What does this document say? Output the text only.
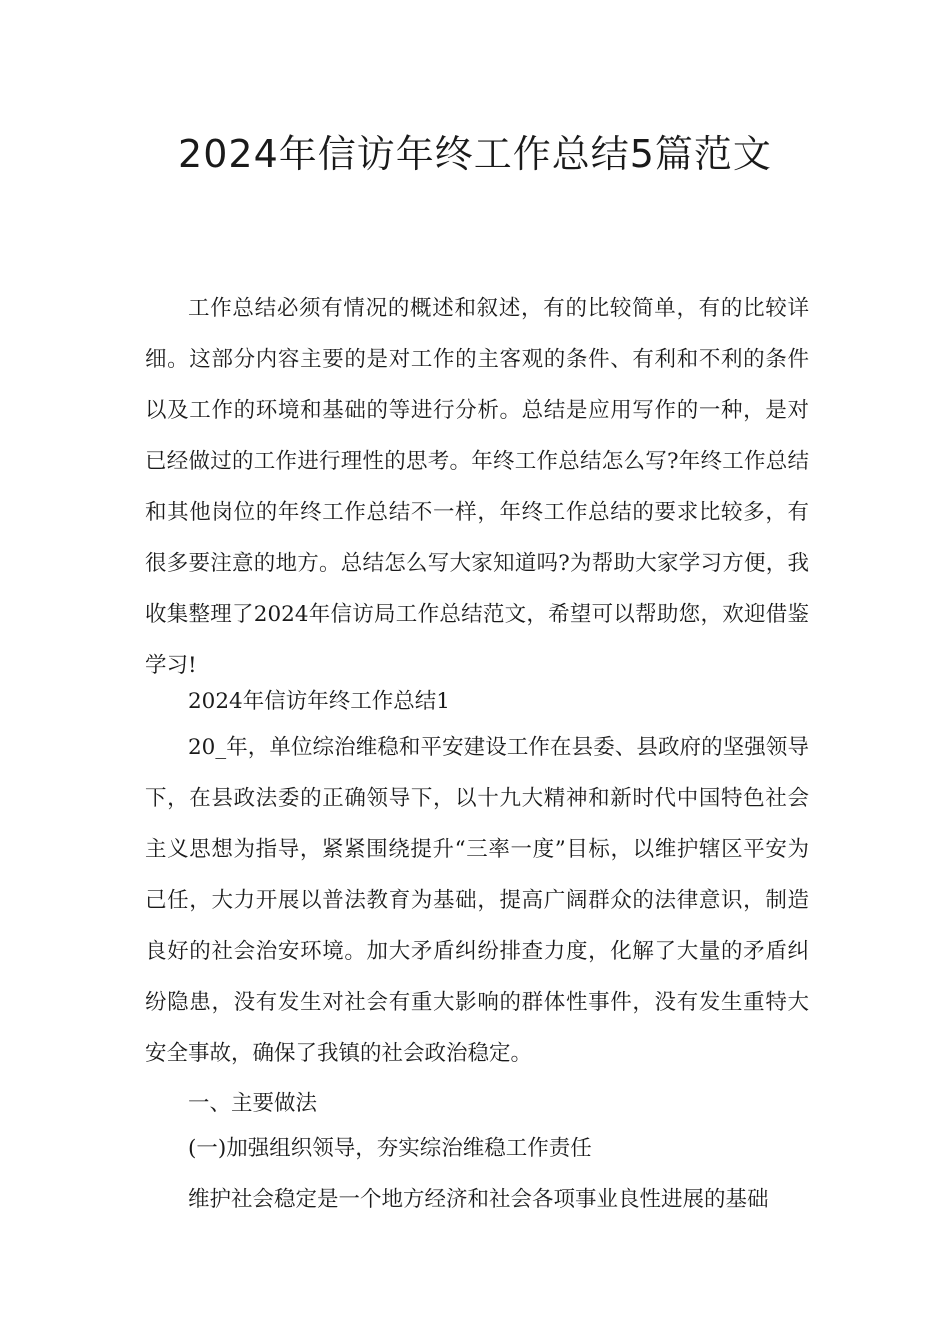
2024年信访年终工作总结5篇范文

工作总结必须有情况的概述和叙述，有的比较简单，有的比较详细。这部分内容主要的是对工作的主客观的条件、有利和不利的条件以及工作的环境和基础的等进行分析。总结是应用写作的一种，是对已经做过的工作进行理性的思考。年终工作总结怎么写?年终工作总结和其他岗位的年终工作总结不一样，年终工作总结的要求比较多，有很多要注意的地方。总结怎么写大家知道吗?为帮助大家学习方便，我收集整理了2024年信访局工作总结范文，希望可以帮助您，欢迎借鉴学习!

2024年信访年终工作总结1

20_年，单位综治维稳和平安建设工作在县委、县政府的坚强领导下，在县政法委的正确领导下，以十九大精神和新时代中国特色社会主义思想为指导，紧紧围绕提升“三率一度”目标，以维护辖区平安为己任，大力开展以普法教育为基础，提高广阔群众的法律意识，制造良好的社会治安环境。加大矛盾纠纷排查力度，化解了大量的矛盾纠纷隐患，没有发生对社会有重大影响的群体性事件，没有发生重特大安全事故，确保了我镇的社会政治稳定。

一、主要做法

(一)加强组织领导，夯实综治维稳工作责任

维护社会稳定是一个地方经济和社会各项事业良性进展的基础
